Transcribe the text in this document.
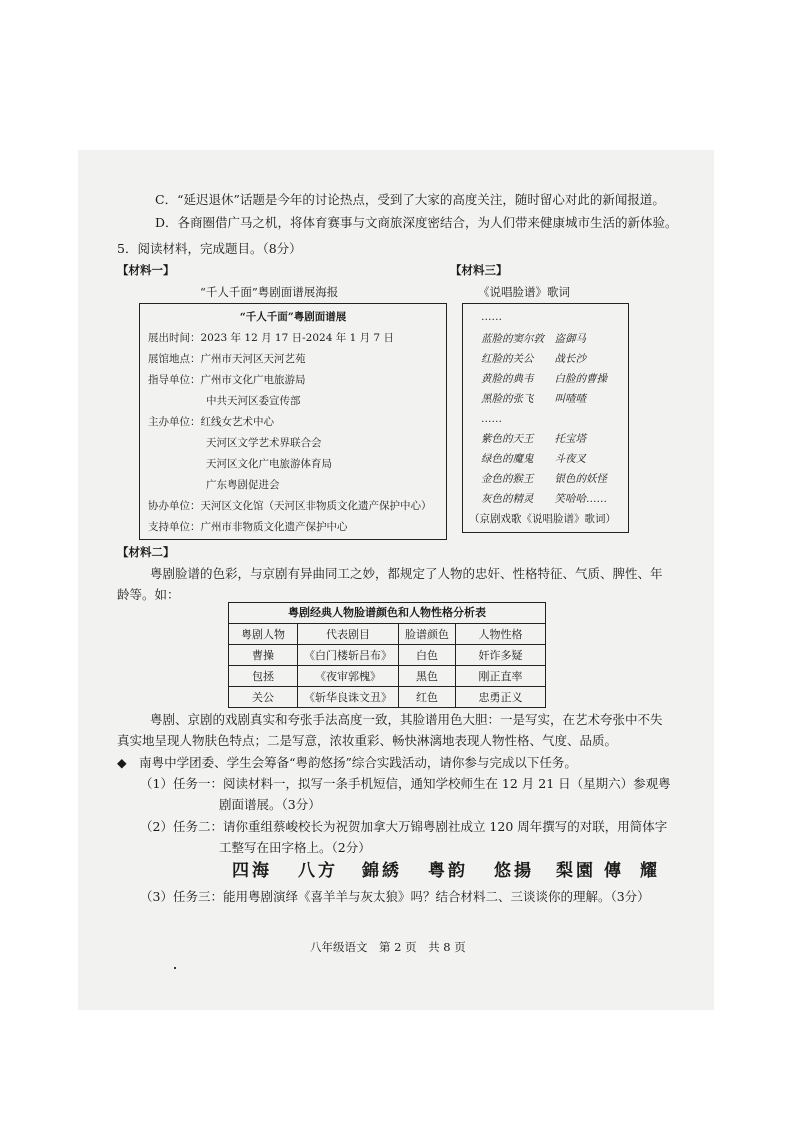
C．“延迟退休”话题是今年的讨论热点，受到了大家的高度关注，随时留心对此的新闻报道。
D．各商圈借广马之机，将体育赛事与文商旅深度密结合，为人们带来健康城市生活的新体验。
5．阅读材料，完成题目。（8分）
【材料一】
“千人千面”粤剧面谱展海报
“千人千面”粤剧面谱展
展出时间：2023 年 12 月 17 日-2024 年 1 月 7 日
展馆地点：广州市天河区天河艺苑
指导单位：广州市文化广电旅游局
中共天河区委宣传部
主办单位：红线女艺术中心
天河区文学艺术界联合会
天河区文化广电旅游体育局
广东粤剧促进会
协办单位：天河区文化馆（天河区非物质文化遗产保护中心）
支持单位：广州市非物质文化遗产保护中心
【材料三】
《说唱脸谱》歌词
……
蓝脸的窦尔敦　盗御马
红脸的关公　　战长沙
黄脸的典韦　　白脸的曹操
黑脸的张飞　　叫喳喳
……
紫色的天王　　托宝塔
绿色的魔鬼　　斗夜叉
金色的猴王　　银色的妖怪
灰色的精灵　　笑哈哈……
（京剧戏歌《说唱脸谱》歌词）
【材料二】
粤剧脸谱的色彩，与京剧有异曲同工之妙，都规定了人物的忠奸、性格特征、气质、脾性、年
龄等。如：
粤剧经典人物脸谱颜色和人物性格分析表
粤剧人物	代表剧目	脸谱颜色	人物性格
曹操	《白门楼斩吕布》	白色	奸诈多疑
包拯	《夜审郭槐》	黑色	刚正直率
关公	《斩华良诛文丑》	红色	忠勇正义
粤剧、京剧的戏剧真实和夸张手法高度一致，其脸谱用色大胆：一是写实，在艺术夸张中不失
真实地呈现人物肤色特点；二是写意，浓妆重彩、畅快淋漓地表现人物性格、气度、品质。
◆　南粤中学团委、学生会筹备“粤韵悠扬”综合实践活动，请你参与完成以下任务。
（1）任务一：阅读材料一，拟写一条手机短信，通知学校师生在 12 月 21 日（星期六）参观粤
剧面谱展。（3分）
（2）任务二：请你重组蔡峻校长为祝贺加拿大万锦粤剧社成立 120 周年撰写的对联，用简体字
工整写在田字格上。（2分）
四海 八方 錦綉 粤韵 悠揚 梨園 傳 耀
（3）任务三：能用粤剧演绎《喜羊羊与灰太狼》吗？结合材料二、三谈谈你的理解。（3分）
八年级语文　第 2 页　共 8 页
